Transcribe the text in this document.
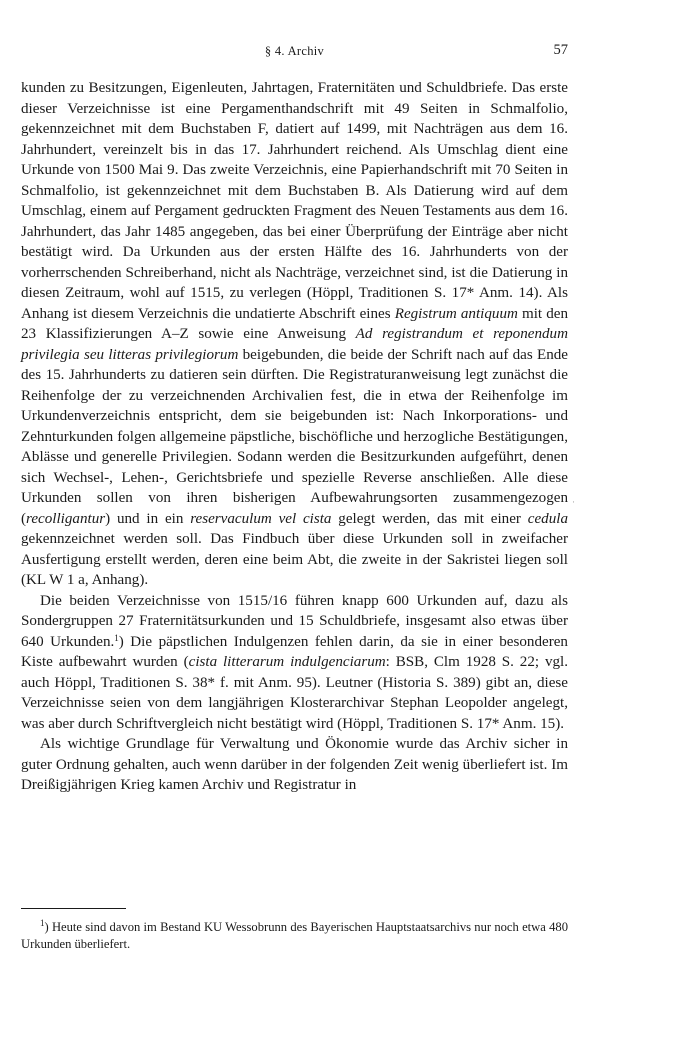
§ 4. Archiv	57

kunden zu Besitzungen, Eigenleuten, Jahrtagen, Fraternitäten und Schuldbriefe. Das erste dieser Verzeichnisse ist eine Pergamenthandschrift mit 49 Seiten in Schmalfolio, gekennzeichnet mit dem Buchstaben F, datiert auf 1499, mit Nachträgen aus dem 16. Jahrhundert, vereinzelt bis in das 17. Jahrhundert reichend. Als Umschlag dient eine Urkunde von 1500 Mai 9. Das zweite Verzeichnis, eine Papierhandschrift mit 70 Seiten in Schmalfolio, ist gekennzeichnet mit dem Buchstaben B. Als Datierung wird auf dem Umschlag, einem auf Pergament gedruckten Fragment des Neuen Testaments aus dem 16. Jahrhundert, das Jahr 1485 angegeben, das bei einer Überprüfung der Einträge aber nicht bestätigt wird. Da Urkunden aus der ersten Hälfte des 16. Jahrhunderts von der vorherrschenden Schreiberhand, nicht als Nachträge, verzeichnet sind, ist die Datierung in diesen Zeitraum, wohl auf 1515, zu verlegen (Höppl, Traditionen S. 17* Anm. 14). Als Anhang ist diesem Verzeichnis die undatierte Abschrift eines Registrum antiquum mit den 23 Klassifizierungen A–Z sowie eine Anweisung Ad registrandum et reponendum privilegia seu litteras privilegiorum beigebunden, die beide der Schrift nach auf das Ende des 15. Jahrhunderts zu datieren sein dürften. Die Registraturanweisung legt zunächst die Reihenfolge der zu verzeichnenden Archivalien fest, die in etwa der Reihenfolge im Urkundenverzeichnis entspricht, dem sie beigebunden ist: Nach Inkorporations- und Zehnturkunden folgen allgemeine päpstliche, bischöfliche und herzogliche Bestätigungen, Ablässe und generelle Privilegien. Sodann werden die Besitzurkunden aufgeführt, denen sich Wechsel-, Lehen-, Gerichtsbriefe und spezielle Reverse anschließen. Alle diese Urkunden sollen von ihren bisherigen Aufbewahrungsorten zusammengezogen (recolligantur) und in ein reservaculum vel cista gelegt werden, das mit einer cedula gekennzeichnet werden soll. Das Findbuch über diese Urkunden soll in zweifacher Ausfertigung erstellt werden, deren eine beim Abt, die zweite in der Sakristei liegen soll (KL W 1 a, Anhang).

Die beiden Verzeichnisse von 1515/16 führen knapp 600 Urkunden auf, dazu als Sondergruppen 27 Fraternitätsurkunden und 15 Schuldbriefe, insgesamt also etwas über 640 Urkunden.$^1$) Die päpstlichen Indulgenzen fehlen darin, da sie in einer besonderen Kiste aufbewahrt wurden (cista litterarum indulgenciarum: BSB, Clm 1928 S. 22; vgl. auch Höppl, Traditionen S. 38* f. mit Anm. 95). Leutner (Historia S. 389) gibt an, diese Verzeichnisse seien von dem langjährigen Klosterarchivar Stephan Leopolder angelegt, was aber durch Schriftvergleich nicht bestätigt wird (Höppl, Traditionen S. 17* Anm. 15).

Als wichtige Grundlage für Verwaltung und Ökonomie wurde das Archiv sicher in guter Ordnung gehalten, auch wenn darüber in der folgenden Zeit wenig überliefert ist. Im Dreißigjährigen Krieg kamen Archiv und Registratur in

$^1$) Heute sind davon im Bestand KU Wessobrunn des Bayerischen Hauptstaatsarchivs nur noch etwa 480 Urkunden überliefert.

·
